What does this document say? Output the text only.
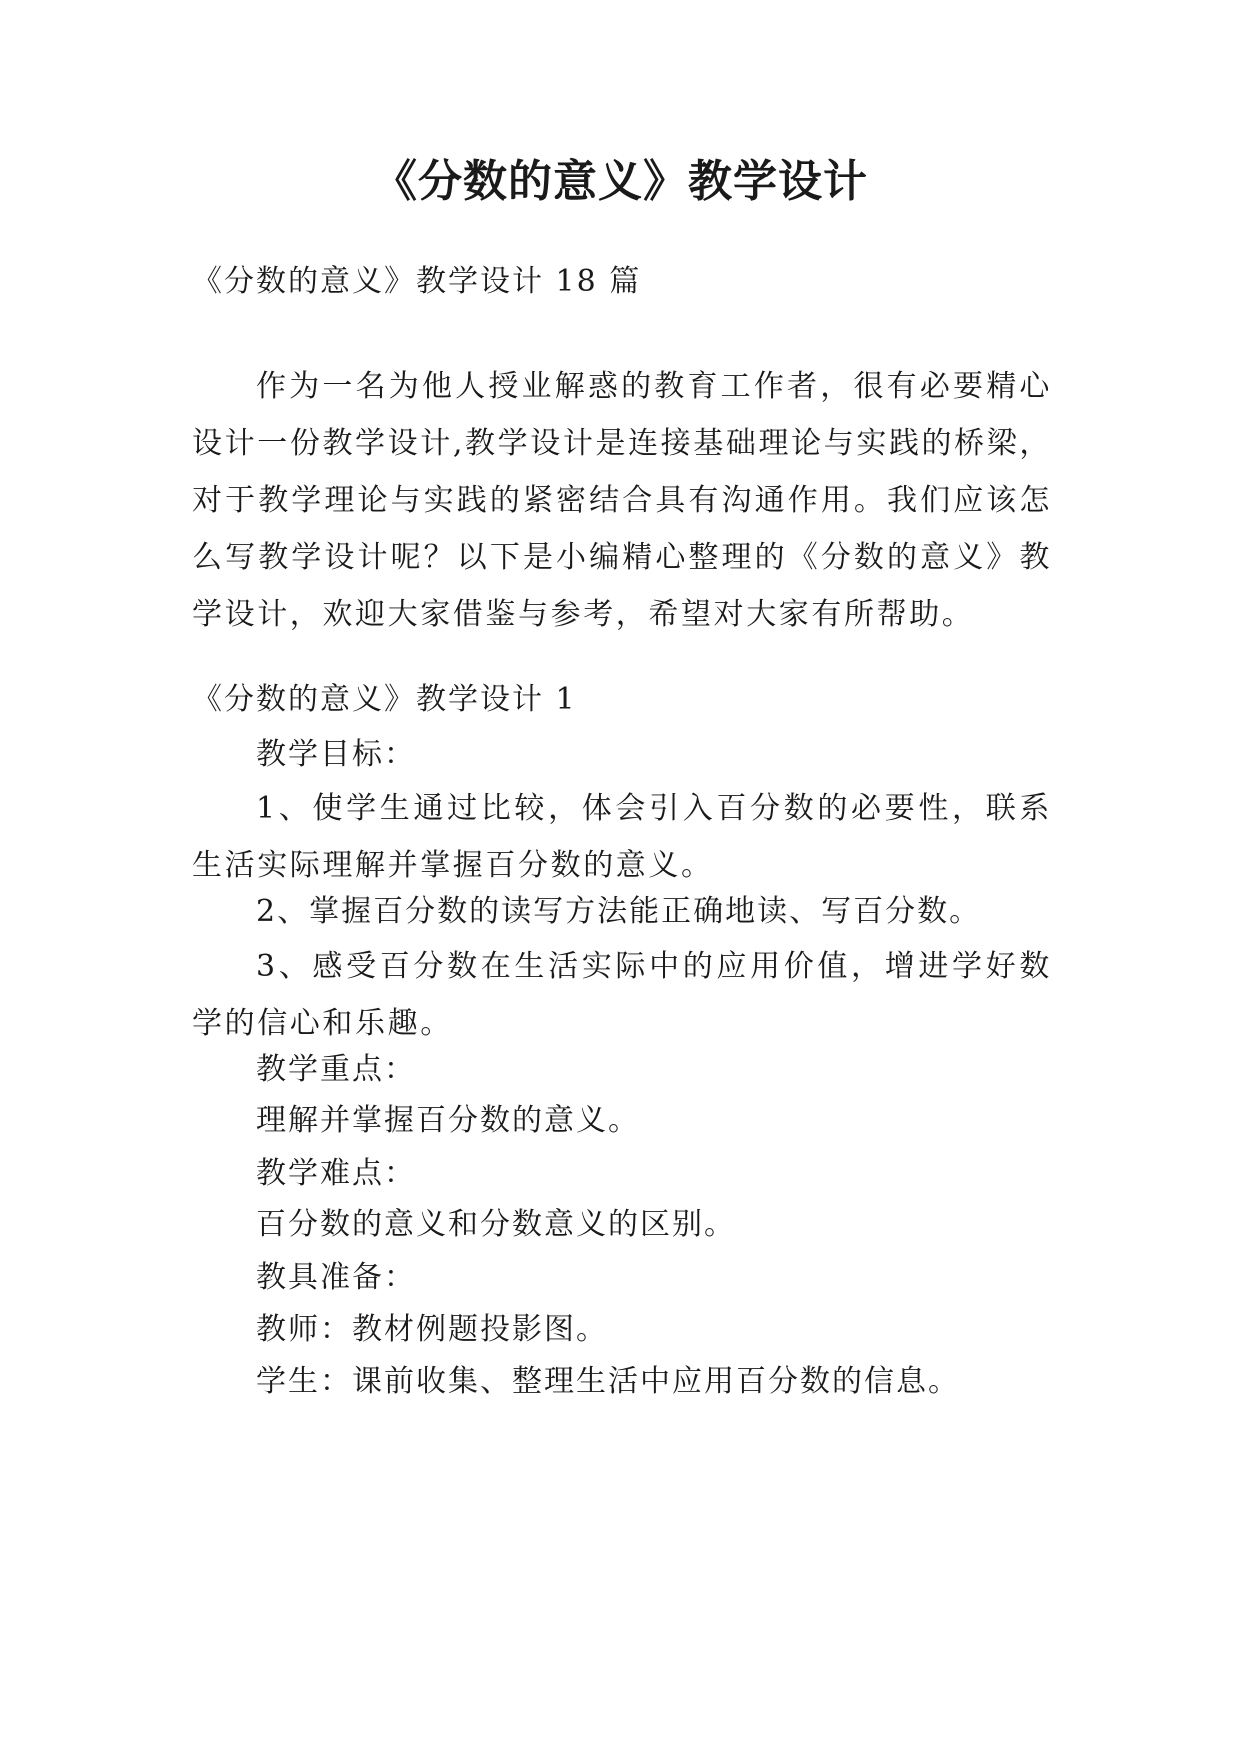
《分数的意义》教学设计
《分数的意义》教学设计 18 篇
作为一名为他人授业解惑的教育工作者，很有必要精心设计一份教学设计,教学设计是连接基础理论与实践的桥梁，对于教学理论与实践的紧密结合具有沟通作用。我们应该怎么写教学设计呢？以下是小编精心整理的《分数的意义》教学设计，欢迎大家借鉴与参考，希望对大家有所帮助。
《分数的意义》教学设计 1
教学目标：
1、使学生通过比较，体会引入百分数的必要性，联系生活实际理解并掌握百分数的意义。
2、掌握百分数的读写方法能正确地读、写百分数。
3、感受百分数在生活实际中的应用价值，增进学好数学的信心和乐趣。
教学重点：
理解并掌握百分数的意义。
教学难点：
百分数的意义和分数意义的区别。
教具准备：
教师：教材例题投影图。
学生：课前收集、整理生活中应用百分数的信息。
